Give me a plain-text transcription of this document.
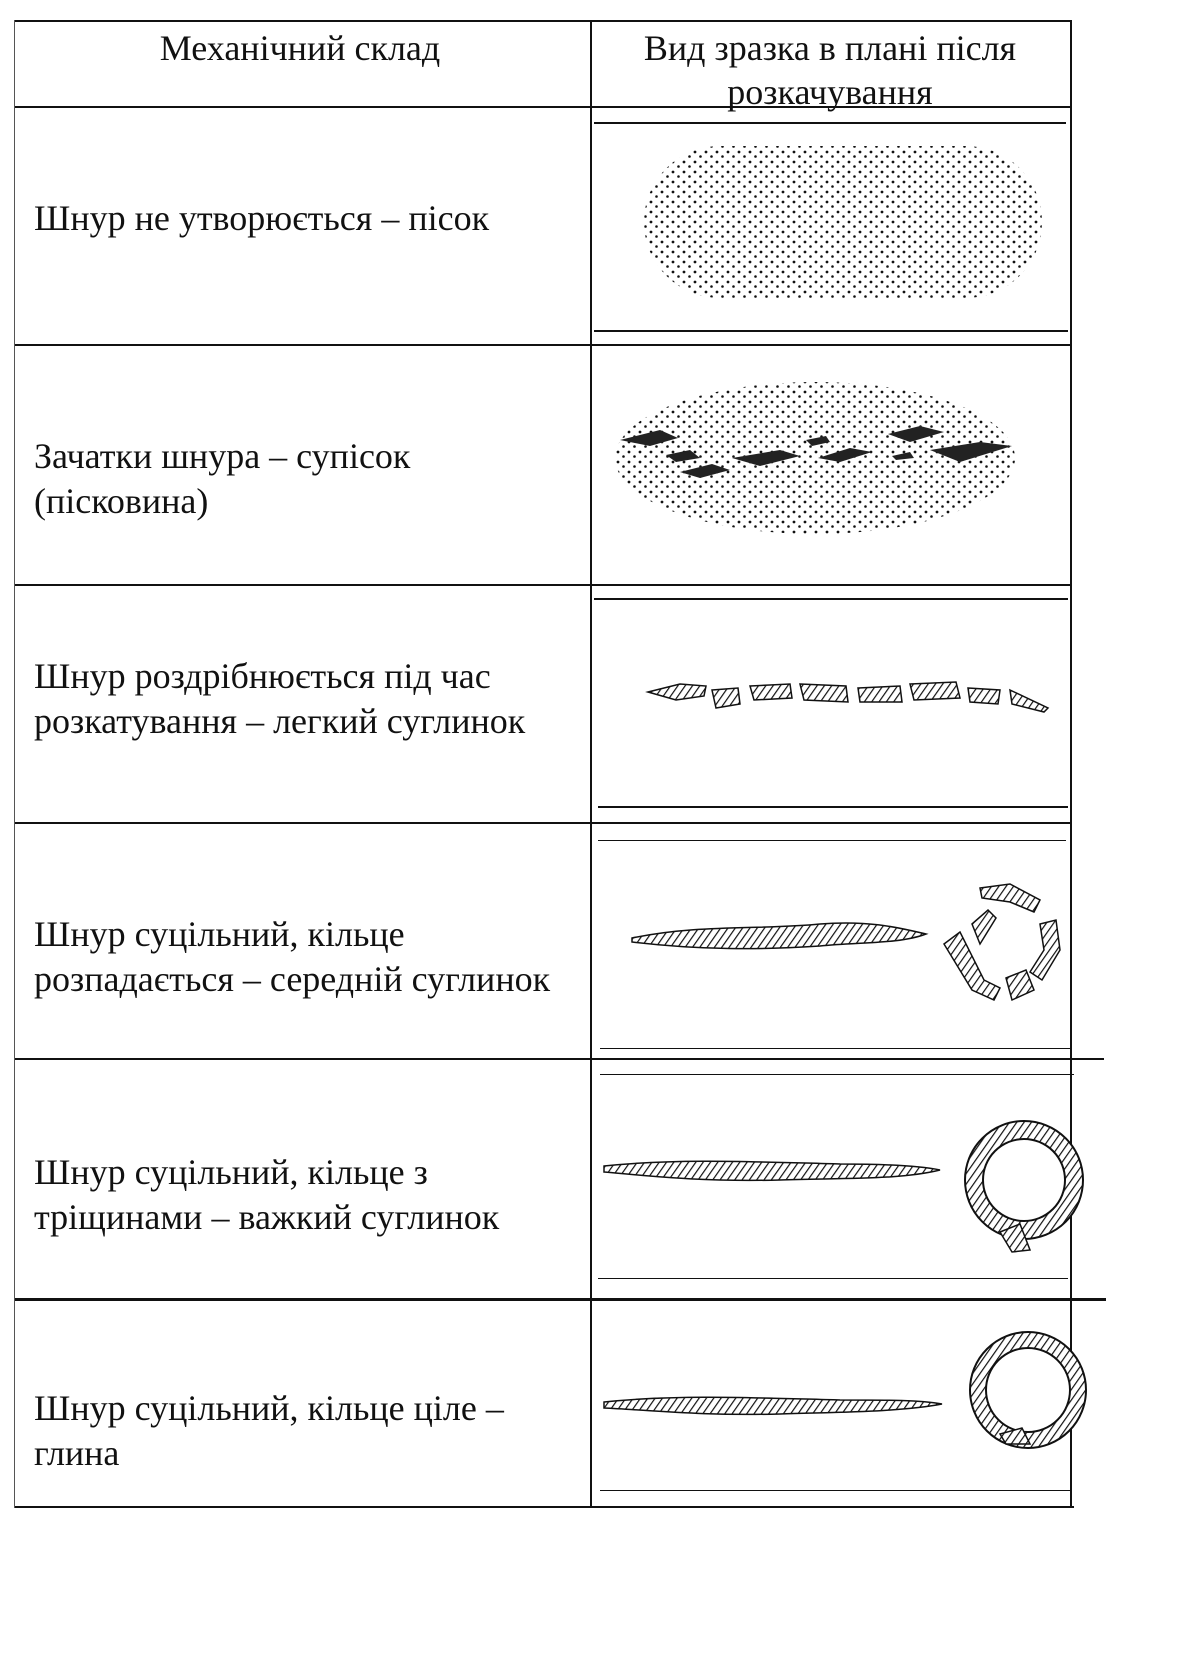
Механічний склад	Вид зразка в плані після розкачування
Шнур не утворюється – пісок
Зачатки шнура – супісок (пісковина)
Шнур роздрібнюється під час розкатування – легкий суглинок
Шнур суцільний, кільце розпадається – середній суглинок
Шнур суцільний, кільце з тріщинами – важкий суглинок
Шнур суцільний, кільце ціле – глина
